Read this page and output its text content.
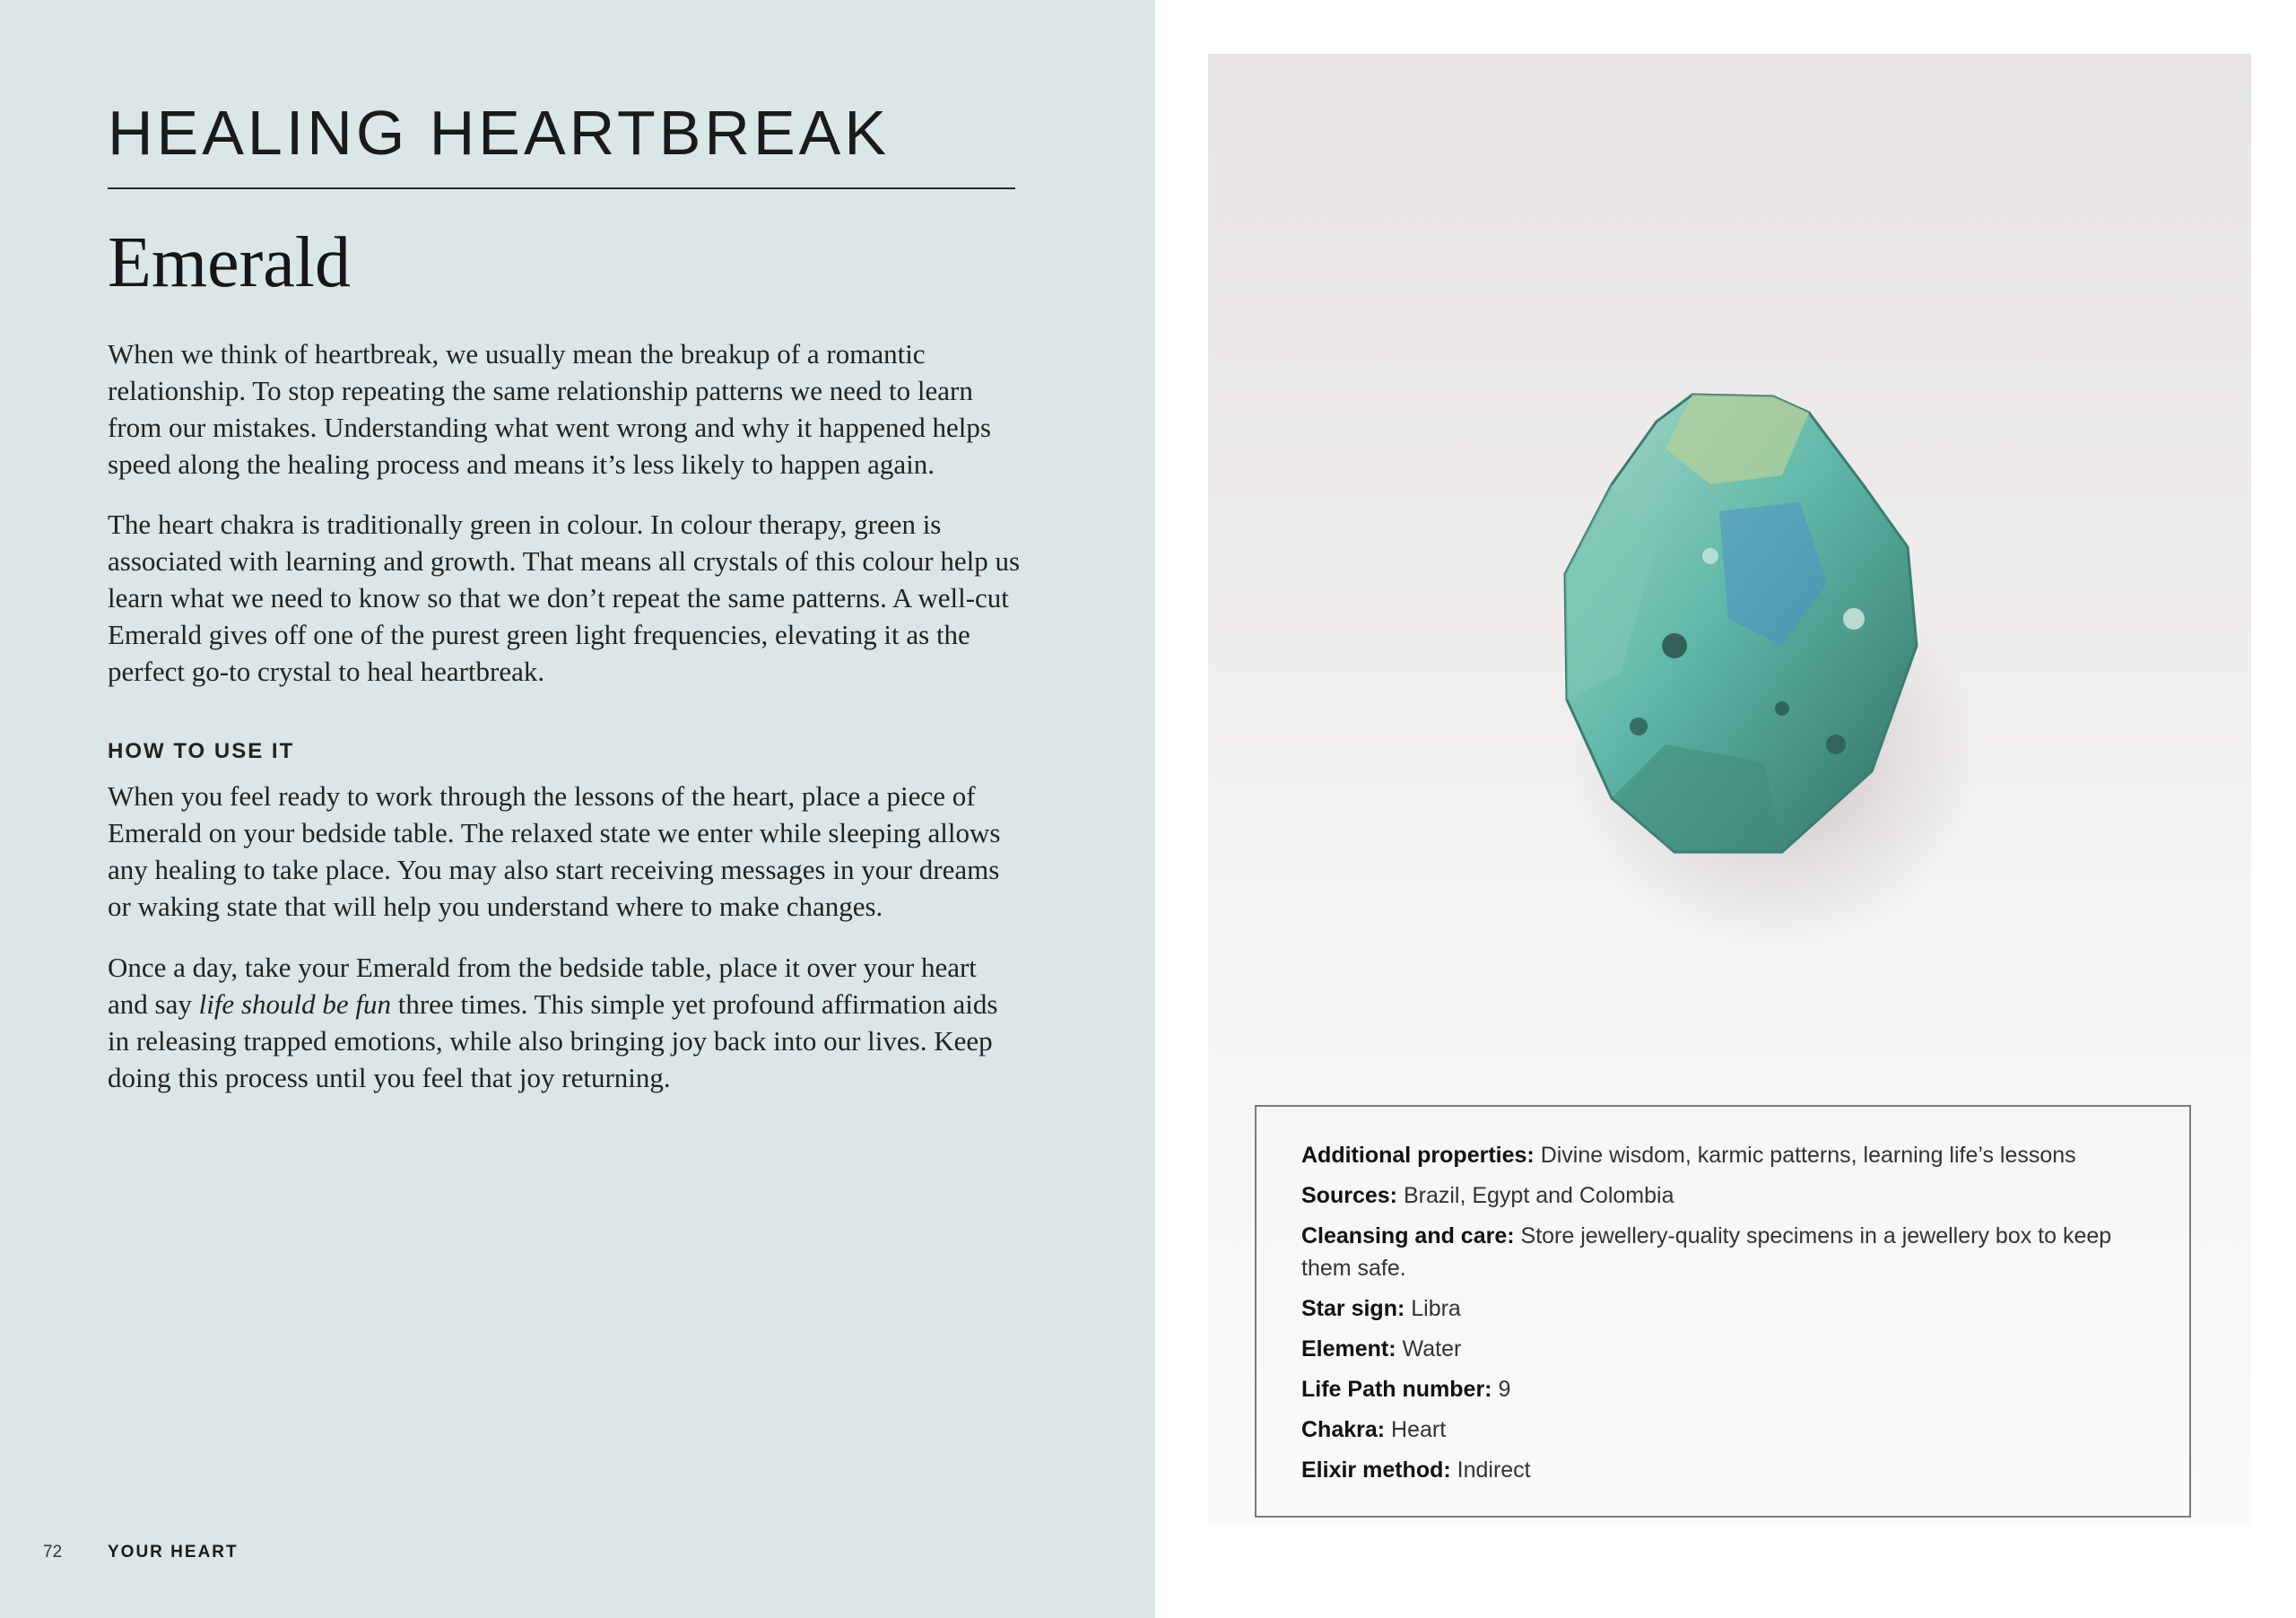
HEALING HEARTBREAK
Emerald

When we think of heartbreak, we usually mean the breakup of a romantic relationship. To stop repeating the same relationship patterns we need to learn from our mistakes. Understanding what went wrong and why it happened helps speed along the healing process and means it’s less likely to happen again.

The heart chakra is traditionally green in colour. In colour therapy, green is associated with learning and growth. That means all crystals of this colour help us learn what we need to know so that we don’t repeat the same patterns. A well-cut Emerald gives off one of the purest green light frequencies, elevating it as the perfect go-to crystal to heal heartbreak.

HOW TO USE IT

When you feel ready to work through the lessons of the heart, place a piece of Emerald on your bedside table. The relaxed state we enter while sleeping allows any healing to take place. You may also start receiving messages in your dreams or waking state that will help you understand where to make changes.

Once a day, take your Emerald from the bedside table, place it over your heart and say life should be fun three times. This simple yet profound affirmation aids in releasing trapped emotions, while also bringing joy back into our lives. Keep doing this process until you feel that joy returning.

72	YOUR HEART

Additional properties: Divine wisdom, karmic patterns, learning life’s lessons

Sources: Brazil, Egypt and Colombia

Cleansing and care: Store jewellery-quality specimens in a jewellery box to keep them safe.

Star sign: Libra

Element: Water

Life Path number: 9

Chakra: Heart

Elixir method: Indirect
